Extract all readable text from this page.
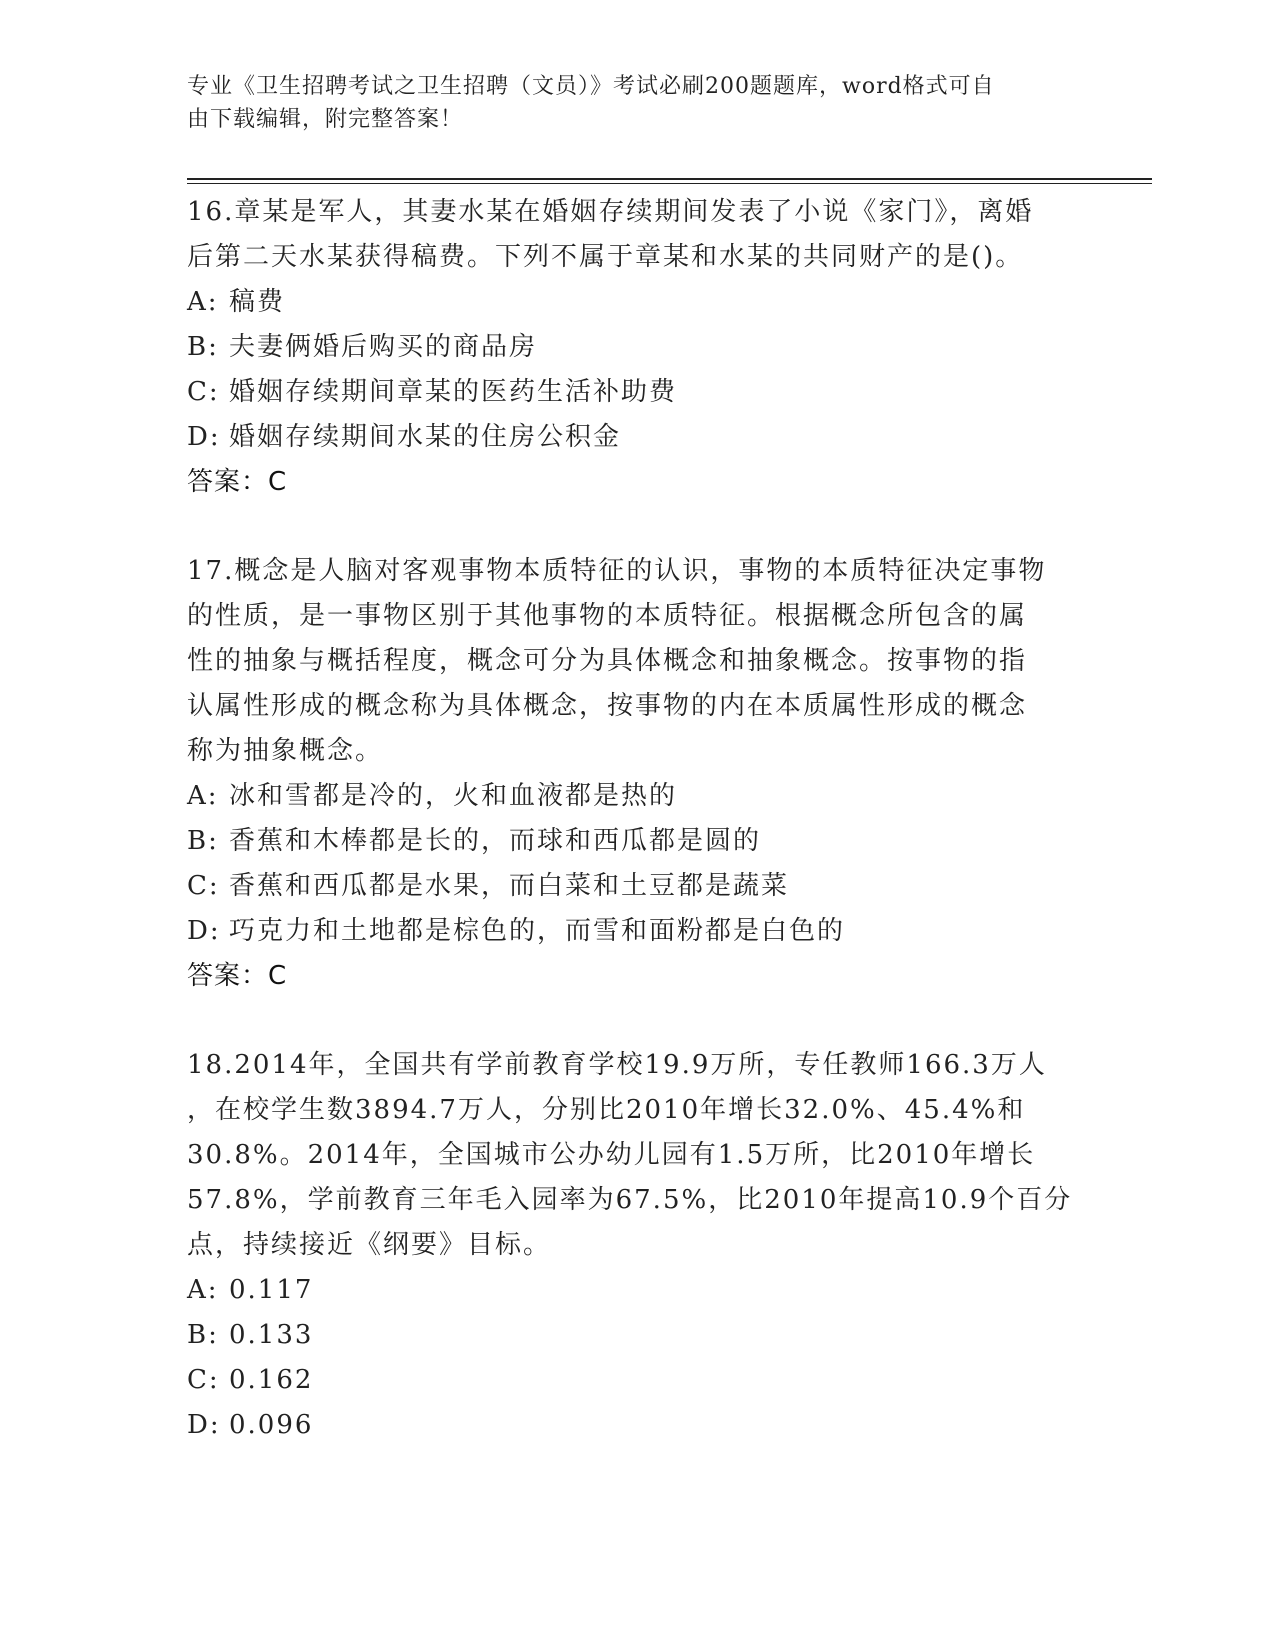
专业《卫生招聘考试之卫生招聘（文员）》考试必刷200题题库，word格式可自
由下载编辑，附完整答案！
16.章某是军人，其妻水某在婚姻存续期间发表了小说《家门》，离婚
后第二天水某获得稿费。下列不属于章某和水某的共同财产的是()。
A: 稿费
B: 夫妻俩婚后购买的商品房
C: 婚姻存续期间章某的医药生活补助费
D: 婚姻存续期间水某的住房公积金
答案：C
17.概念是人脑对客观事物本质特征的认识，事物的本质特征决定事物
的性质，是一事物区别于其他事物的本质特征。根据概念所包含的属
性的抽象与概括程度，概念可分为具体概念和抽象概念。按事物的指
认属性形成的概念称为具体概念，按事物的内在本质属性形成的概念
称为抽象概念。
A: 冰和雪都是冷的，火和血液都是热的
B: 香蕉和木棒都是长的，而球和西瓜都是圆的
C: 香蕉和西瓜都是水果，而白菜和土豆都是蔬菜
D: 巧克力和土地都是棕色的，而雪和面粉都是白色的
答案：C
18.2014年，全国共有学前教育学校19.9万所，专任教师166.3万人
，在校学生数3894.7万人，分别比2010年增长32.0%、45.4%和
30.8%。2014年，全国城市公办幼儿园有1.5万所，比2010年增长
57.8%，学前教育三年毛入园率为67.5%，比2010年提高10.9个百分
点，持续接近《纲要》目标。
A: 0.117
B: 0.133
C: 0.162
D: 0.096
